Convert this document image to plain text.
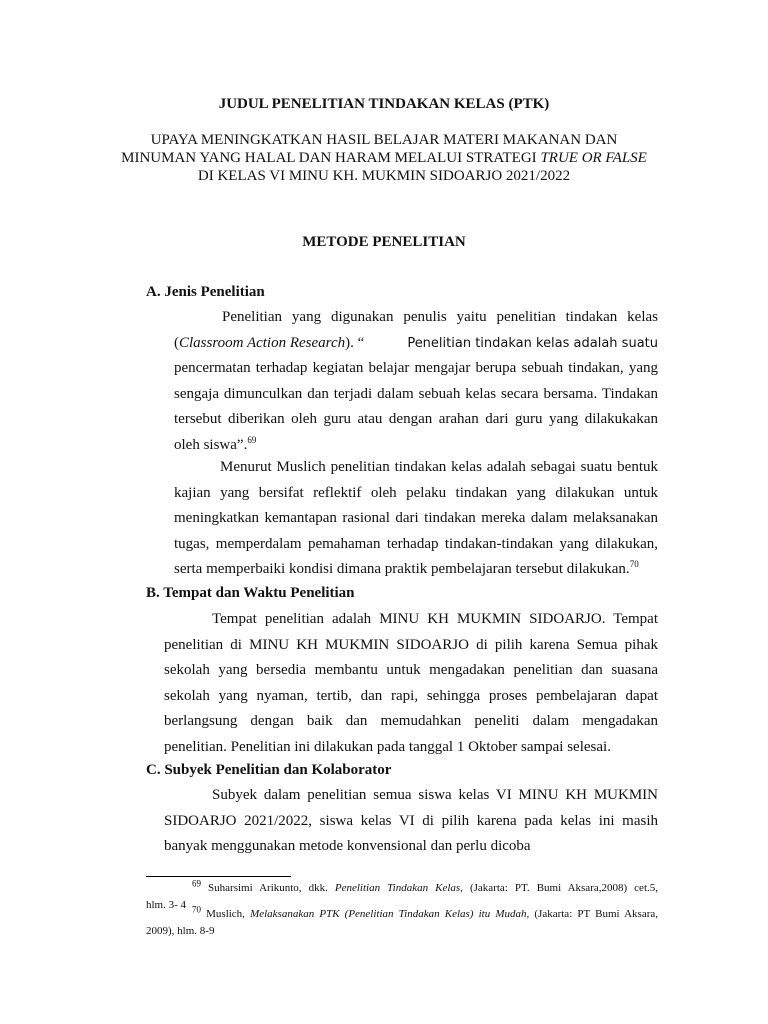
JUDUL PENELITIAN TINDAKAN KELAS (PTK)
UPAYA MENINGKATKAN HASIL BELAJAR MATERI MAKANAN DAN
MINUMAN YANG HALAL DAN HARAM MELALUI STRATEGI TRUE OR FALSE
DI KELAS VI MINU KH. MUKMIN SIDOARJO 2021/2022
METODE PENELITIAN
A. Jenis Penelitian
Penelitian yang digunakan penulis yaitu penelitian tindakan kelas
(Classroom Action Research). “	Penelitian tindakan kelas adalah suatu
pencermatan terhadap kegiatan belajar mengajar berupa sebuah tindakan, yang
sengaja dimunculkan dan terjadi dalam sebuah kelas secara bersama. Tindakan
tersebut diberikan oleh guru atau dengan arahan dari guru yang dilakukakan
oleh siswa”.$^{69}$
Menurut Muslich penelitian tindakan kelas adalah sebagai suatu bentuk
kajian yang bersifat reflektif oleh pelaku tindakan yang dilakukan untuk
meningkatkan kemantapan rasional dari tindakan mereka dalam melaksanakan
tugas, memperdalam pemahaman terhadap tindakan-tindakan yang dilakukan,
serta memperbaiki kondisi dimana praktik pembelajaran tersebut dilakukan.$^{70}$
B. Tempat dan Waktu Penelitian
Tempat penelitian adalah MINU KH MUKMIN SIDOARJO. Tempat
penelitian di MINU KH MUKMIN SIDOARJO di pilih karena Semua pihak
sekolah yang bersedia membantu untuk mengadakan penelitian dan suasana
sekolah yang nyaman, tertib, dan rapi, sehingga proses pembelajaran dapat
berlangsung dengan baik dan memudahkan peneliti dalam mengadakan
penelitian. Penelitian ini dilakukan pada tanggal 1 Oktober sampai selesai.
C. Subyek Penelitian dan Kolaborator
Subyek dalam penelitian semua siswa kelas VI MINU KH MUKMIN
SIDOARJO 2021/2022, siswa kelas VI di pilih karena pada kelas ini masih
banyak menggunakan metode konvensional dan perlu dicoba
$^{69}$ Suharsimi Arikunto, dkk. Penelitian Tindakan Kelas, (Jakarta: PT. Bumi Aksara,2008) cet.5,
hlm. 3- 4 $^{70}$ Muslich, Melaksanakan PTK (Penelitian Tindakan Kelas) itu Mudah, (Jakarta: PT Bumi Aksara,
2009), hlm. 8-9
